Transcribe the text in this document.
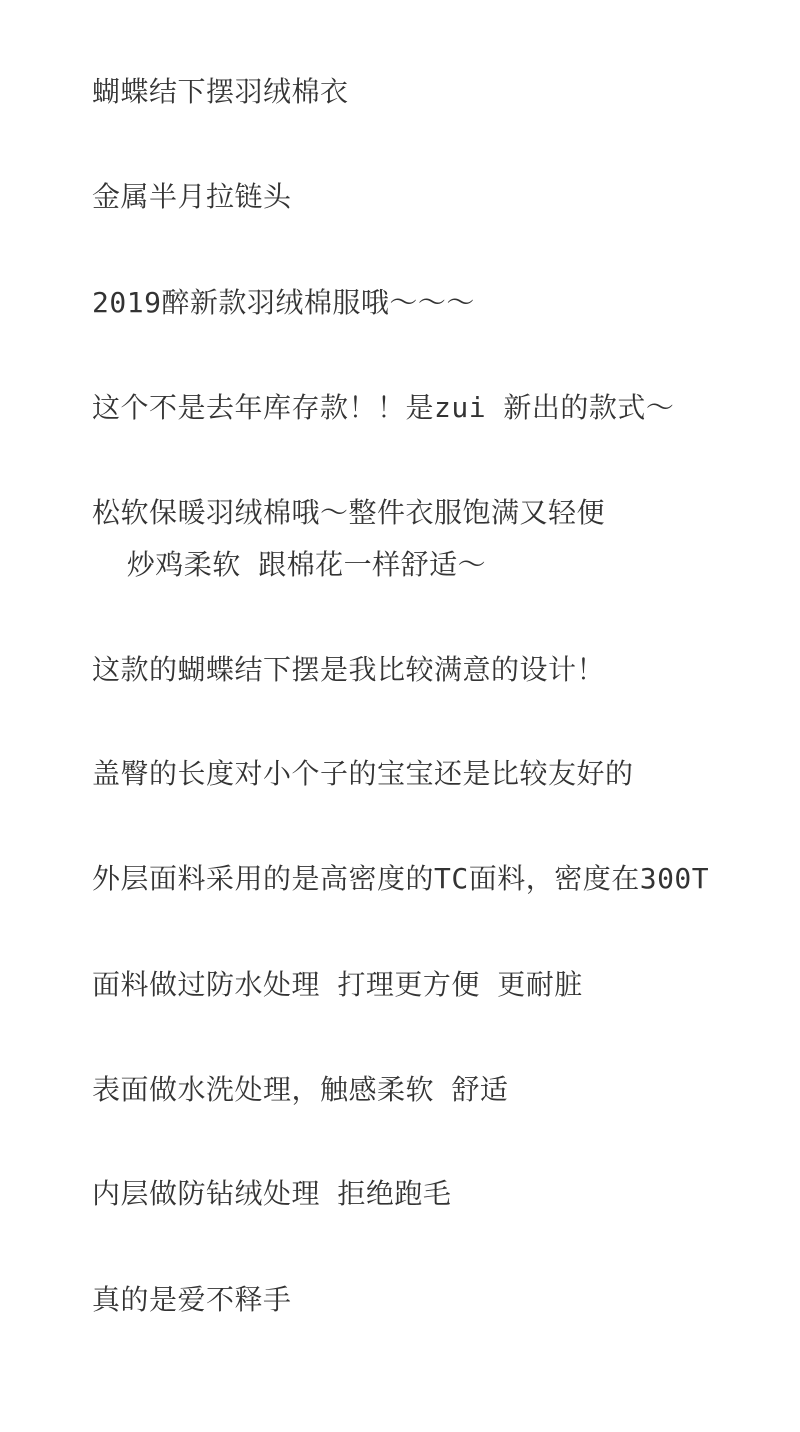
蝴蝶结下摆羽绒棉衣
金属半月拉链头
2019醉新款羽绒棉服哦～～～
这个不是去年库存款！！是zui 新出的款式～
松软保暖羽绒棉哦～整件衣服饱满又轻便
炒鸡柔软 跟棉花一样舒适～
这款的蝴蝶结下摆是我比较满意的设计！
盖臀的长度对小个子的宝宝还是比较友好的
外层面料采用的是高密度的TC面料，密度在300T
面料做过防水处理 打理更方便 更耐脏
表面做水洗处理，触感柔软 舒适
内层做防钻绒处理 拒绝跑毛
真的是爱不释手
